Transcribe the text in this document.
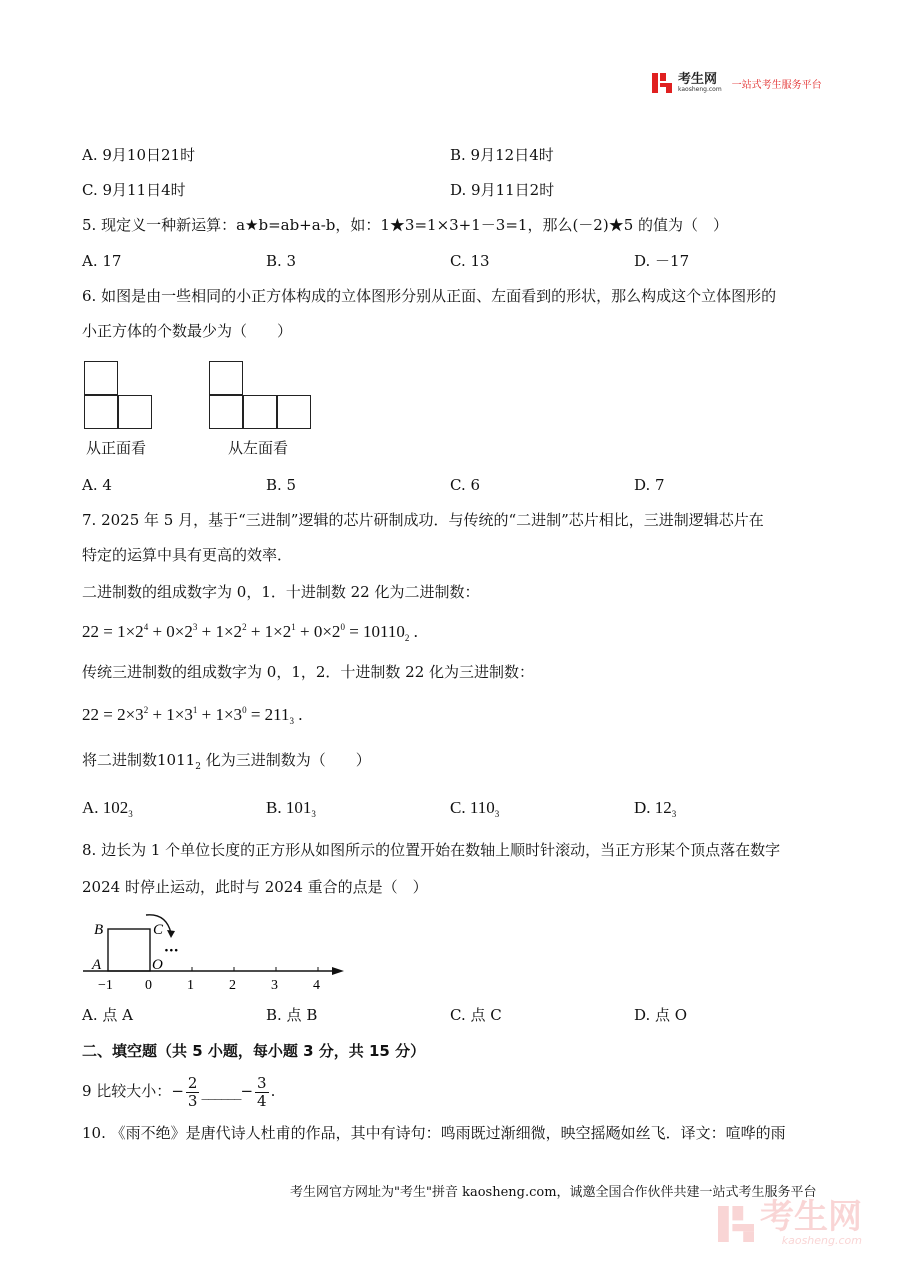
考生网
kaosheng.com 一站式考生服务平台
A. 9月10日21时	B. 9月12日4时
C. 9月11日4时	D. 9月11日2时
5. 现定义一种新运算：a★b=ab+a-b，如：1★3=1×3+1－3=1，那么(－2)★5 的值为（　）
A. 17	B. 3	C. 13	D. －17
6. 如图是由一些相同的小正方体构成的立体图形分别从正面、左面看到的形状，那么构成这个立体图形的
小正方体的个数最少为（　　）
从正面看	从左面看
A. 4	B. 5	C. 6	D. 7
7. 2025 年 5 月，基于“三进制”逻辑的芯片研制成功．与传统的“二进制”芯片相比，三进制逻辑芯片在
特定的运算中具有更高的效率．
二进制数的组成数字为 0，1．十进制数 22 化为二进制数：
$22 = 1\times 2^4 + 0\times 2^3 + 1\times 2^2 + 1\times 2^1 + 0\times 2^0 = 10110_2$ .
传统三进制数的组成数字为 0，1，2．十进制数 22 化为三进制数：
$22 = 2\times 3^2 + 1\times 3^1 + 1\times 3^0 = 211_3$ .
将二进制数$1011_2$ 化为三进制数为（　　）
A. $102_3$	B. $101_3$	C. $110_3$	D. $12_3$
8. 边长为 1 个单位长度的正方形从如图所示的位置开始在数轴上顺时针滚动，当正方形某个顶点落在数字
2024 时停止运动，此时与 2024 重合的点是（　）
B	C
A	O
···
−1 0	1	2	3	4
A. 点 A	B. 点 B	C. 点 C	D. 点 O
二、填空题（共 5 小题，每小题 3 分，共 15 分）
9 比较大小：− $\frac{2}{3}$ ______− $\frac{3}{4}$ .
10. 《雨不绝》是唐代诗人杜甫的作品，其中有诗句：鸣雨既过渐细微，映空摇飏如丝飞．译文：喧哗的雨
考生网官方网址为"考生"拼音 kaosheng.com，诚邀全国合作伙伴共建一站式考生服务平台
考生网
kaosheng.com
